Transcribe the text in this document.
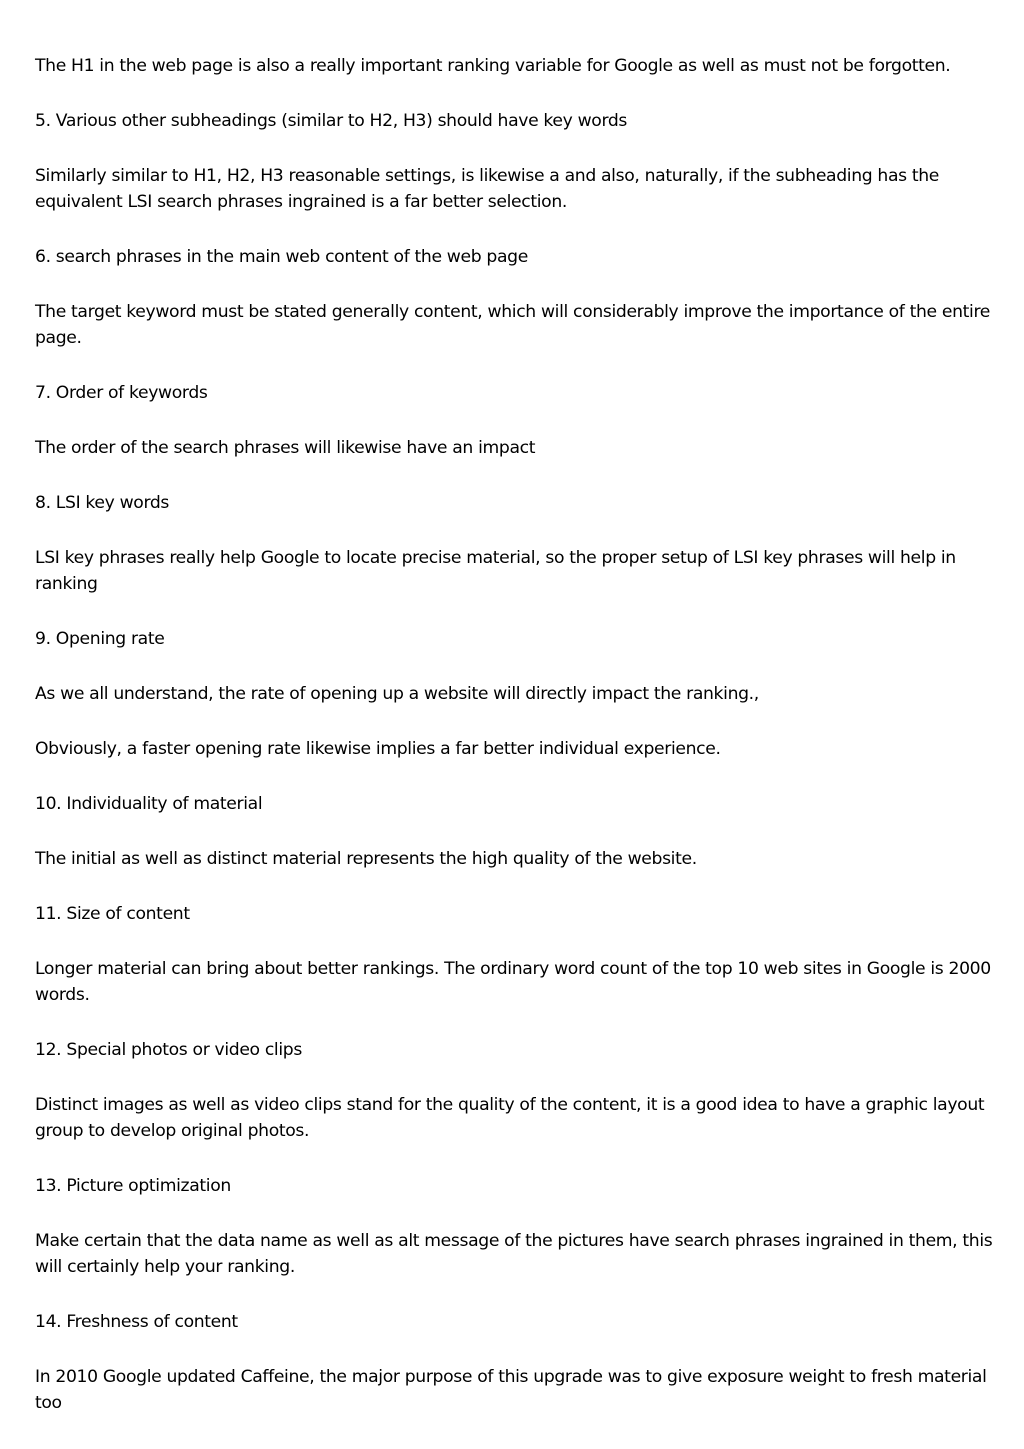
The H1 in the web page is also a really important ranking variable for Google as well as must not be forgotten.

5. Various other subheadings (similar to H2, H3) should have key words

Similarly similar to H1, H2, H3 reasonable settings, is likewise a and also, naturally, if the subheading has the equivalent LSI search phrases ingrained is a far better selection.

6. search phrases in the main web content of the web page

The target keyword must be stated generally content, which will considerably improve the importance of the entire page.

7. Order of keywords

The order of the search phrases will likewise have an impact

8. LSI key words

LSI key phrases really help Google to locate precise material, so the proper setup of LSI key phrases will help in ranking

9. Opening rate

As we all understand, the rate of opening up a website will directly impact the ranking.,

Obviously, a faster opening rate likewise implies a far better individual experience.

10. Individuality of material

The initial as well as distinct material represents the high quality of the website.

11. Size of content

Longer material can bring about better rankings. The ordinary word count of the top 10 web sites in Google is 2000 words.

12. Special photos or video clips

Distinct images as well as video clips stand for the quality of the content, it is a good idea to have a graphic layout group to develop original photos.

13. Picture optimization

Make certain that the data name as well as alt message of the pictures have search phrases ingrained in them, this will certainly help your ranking.

14. Freshness of content

In 2010 Google updated Caffeine, the major purpose of this upgrade was to give exposure weight to fresh material too
